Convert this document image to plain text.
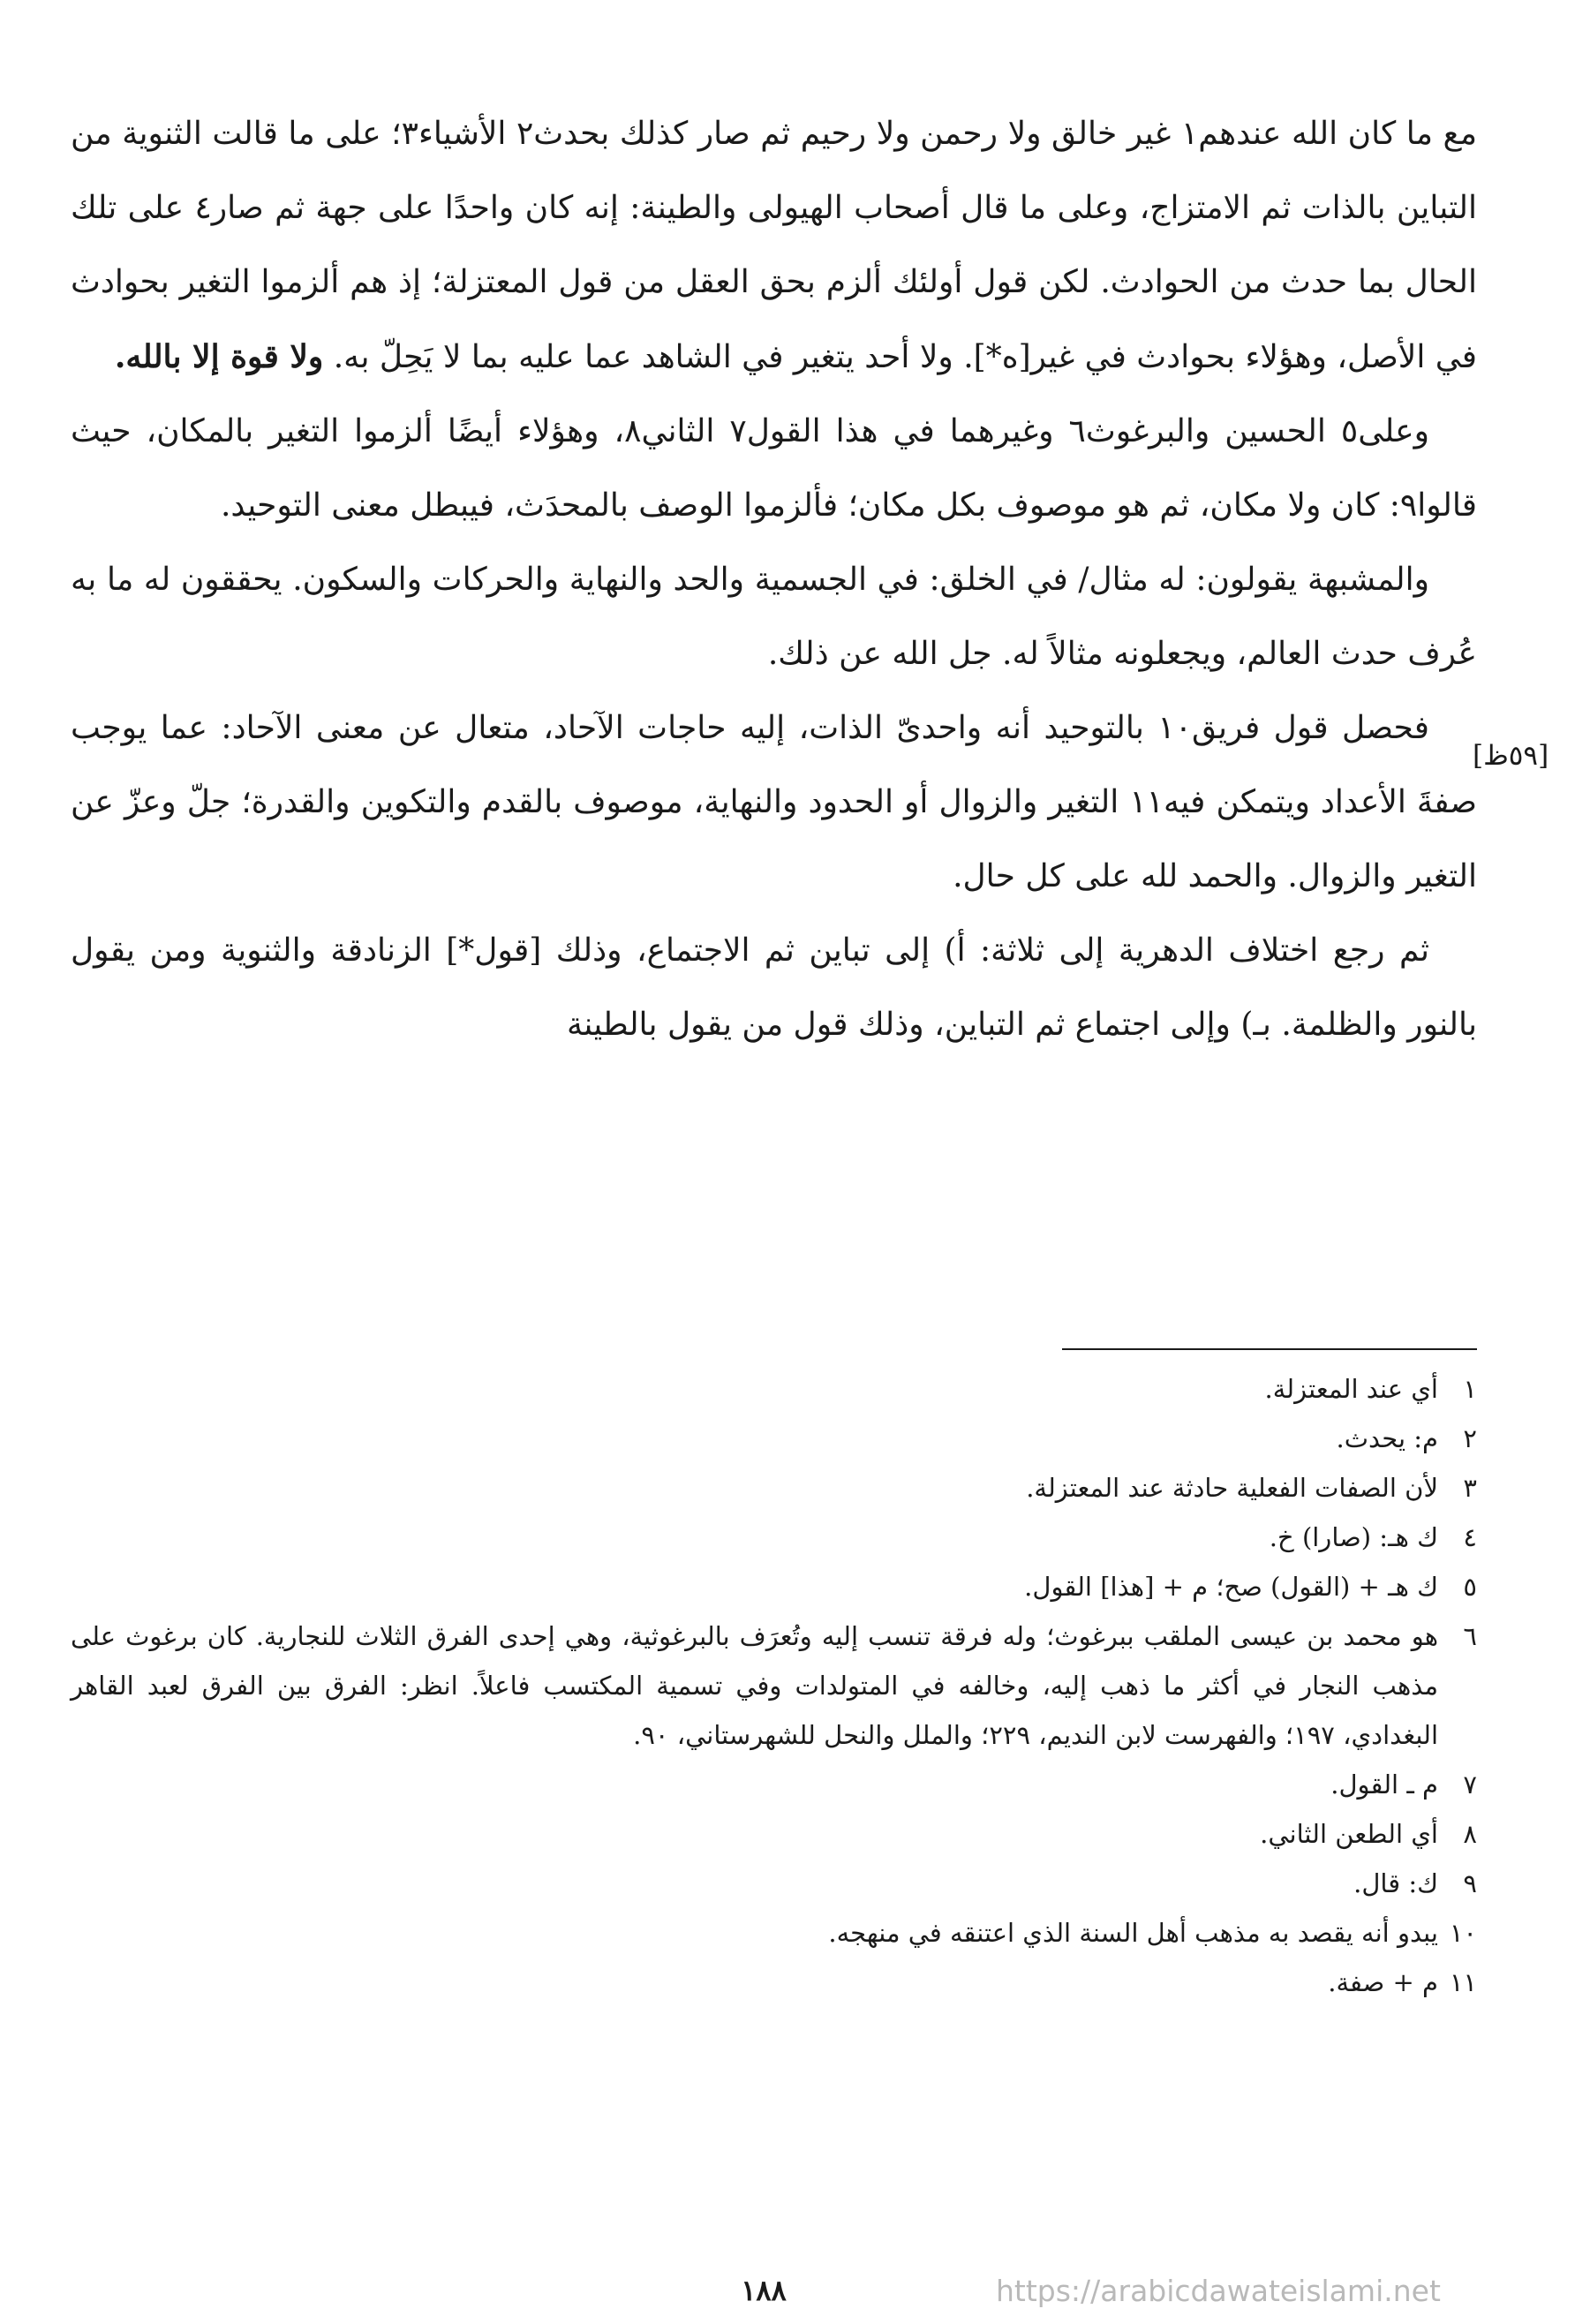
مع ما كان الله عندهم١ غير خالق ولا رحمن ولا رحيم ثم صار كذلك بحدث٢ الأشياء٣؛ على ما قالت الثنوية من التباين بالذات ثم الامتزاج، وعلى ما قال أصحاب الهيولى والطينة: إنه كان واحدًا على جهة ثم صار٤ على تلك الحال بما حدث من الحوادث. لكن قول أولئك ألزم بحق العقل من قول المعتزلة؛ إذ هم ألزموا التغير بحوادث في الأصل، وهؤلاء بحوادث في غير[ه*]. ولا أحد يتغير في الشاهد عما عليه بما لا يَحِلّ به. ولا قوة إلا بالله.

وعلى٥ الحسين والبرغوث٦ وغيرهما في هذا القول٧ الثاني٨، وهؤلاء أيضًا ألزموا التغير بالمكان، حيث قالوا٩: كان ولا مكان، ثم هو موصوف بكل مكان؛ فألزموا الوصف بالمحدَث، فيبطل معنى التوحيد.

والمشبهة يقولون: له مثال/ في الخلق: في الجسمية والحد والنهاية والحركات والسكون. يحققون له ما به عُرف حدث العالم، ويجعلونه مثالاً له. جل الله عن ذلك.

فحصل قول فريق١٠ بالتوحيد أنه واحدىّ الذات، إليه حاجات الآحاد، متعال عن معنى الآحاد: عما يوجب صفةَ الأعداد ويتمكن فيه١١ التغير والزوال أو الحدود والنهاية، موصوف بالقدم والتكوين والقدرة؛ جلّ وعزّ عن التغير والزوال. والحمد لله على كل حال.

ثم رجع اختلاف الدهرية إلى ثلاثة: أ) إلى تباين ثم الاجتماع، وذلك [قول*] الزنادقة والثنوية ومن يقول بالنور والظلمة. بـ) وإلى اجتماع ثم التباين، وذلك قول من يقول بالطينة

[٥٩ظ]
١
أي عند المعتزلة.
٢
م: يحدث.
٣
لأن الصفات الفعلية حادثة عند المعتزلة.
٤
ك هـ: (صارا) خ.
٥
ك هـ + (القول) صح؛ م + [هذا] القول.
٦
هو محمد بن عيسى الملقب ببرغوث؛ وله فرقة تنسب إليه وتُعرَف بالبرغوثية، وهي إحدى الفرق الثلاث للنجارية. كان برغوث على مذهب النجار في أكثر ما ذهب إليه، وخالفه في المتولدات وفي تسمية المكتسب فاعلاً. انظر: الفرق بين الفرق لعبد القاهر البغدادي، ١٩٧؛ والفهرست لابن النديم، ٢٢٩؛ والملل والنحل للشهرستاني، ٩٠.
٧
م ـ القول.
٨
أي الطعن الثاني.
٩
ك: قال.
١٠
يبدو أنه يقصد به مذهب أهل السنة الذي اعتنقه في منهجه.
١١
م + صفة.
١٨٨	https://arabicdawateislami.net
